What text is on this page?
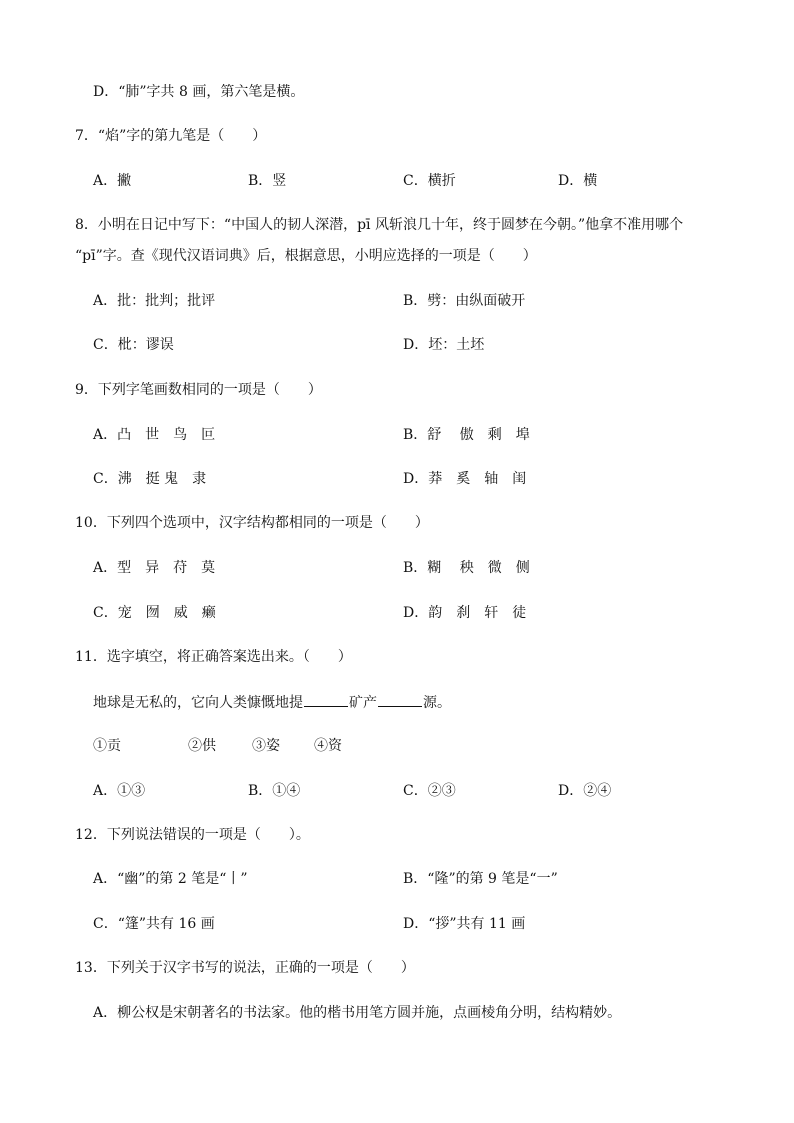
D．“肺”字共 8 画，第六笔是横。
7．“焰”字的第九笔是（　　）
A．撇	B．竖	C．横折	D．横
8．小明在日记中写下：“中国人的韧人深潜，pī 风斩浪几十年，终于圆梦在今朝。”他拿不准用哪个
“pī”字。查《现代汉语词典》后，根据意思，小明应选择的一项是（　　）
A．批：批判；批评	B．劈：由纵面破开
C．枇：谬误	D．坯：土坯
9．下列字笔画数相同的一项是（　　）
A．凸　世　鸟　叵	B．舒　 傲　剩　埠
C．沸　挺 鬼　隶	D．莽　奚　轴　闺
10．下列四个选项中，汉字结构都相同的一项是（　　）
A．型　异　苻　莫	B．糊　 秧　微　侧
C．宠　囫　威　癞	D．韵　刹　轩　徒
11．选字填空，将正确答案选出来。（　　）
地球是无私的，它向人类慷慨地提	矿产	源。
①贡	②供	③姿 ④资
A．①③	B．①④	C．②③	D．②④
12．下列说法错误的一项是（　　）。
A．“幽”的第 2 笔是“丨”	B．“隆”的第 9 笔是“一”
C．“篷”共有 16 画	D．“拶”共有 11 画
13．下列关于汉字书写的说法，正确的一项是（　　）
A．柳公权是宋朝著名的书法家。他的楷书用笔方圆并施，点画棱角分明，结构精妙。
